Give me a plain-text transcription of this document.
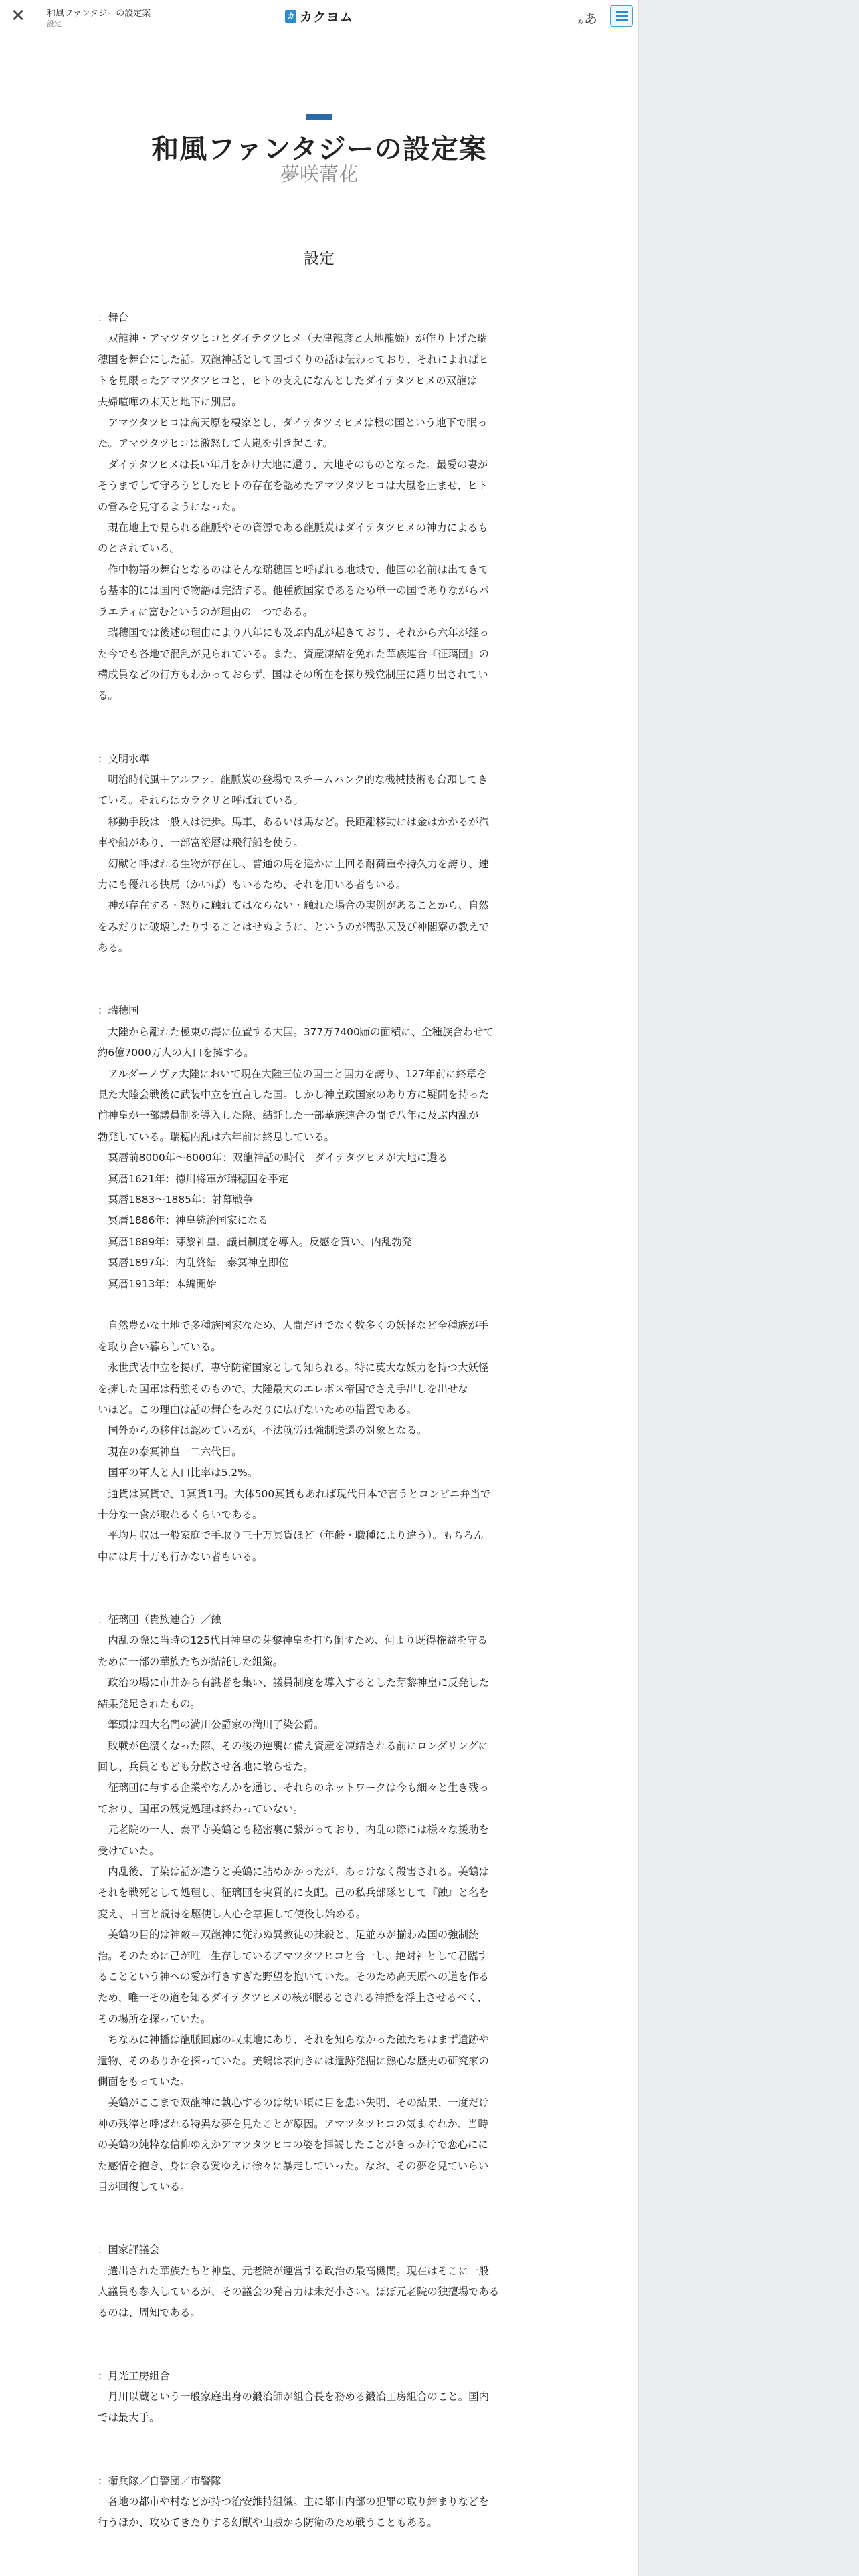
✕ 和風ファンタジーの設定案
設定
カ カクヨム	ぁあ
和風ファンタジーの設定案
夢咲蕾花
設定

：舞台

　双龍神・アマツタツヒコとダイテタツヒメ（天津龍彦と大地龍姫）が作り上げた瑞

穂国を舞台にした話。双龍神話として国づくりの話は伝わっており、それによればヒ

トを見限ったアマツタツヒコと、ヒトの支えになんとしたダイテタツヒメの双龍は

夫婦喧嘩の末天と地下に別居。

　アマツタツヒコは高天原を棲家とし、ダイテタツミヒメは根の国という地下で眠っ

た。アマツタツヒコは激怒して大嵐を引き起こす。

　ダイテタツヒメは長い年月をかけ大地に還り、大地そのものとなった。最愛の妻が

そうまでして守ろうとしたヒトの存在を認めたアマツタツヒコは大嵐を止ませ、ヒト

の営みを見守るようになった。

　現在地上で見られる龍脈やその資源である龍脈炭はダイテタツヒメの神力によるも

のとされている。

　作中物語の舞台となるのはそんな瑞穂国と呼ばれる地域で、他国の名前は出てきて

も基本的には国内で物語は完結する。他種族国家であるため単一の国でありながらバ

ラエティに富むというのが理由の一つである。

　瑞穂国では後述の理由により八年にも及ぶ内乱が起きており、それから六年が経っ

た今でも各地で混乱が見られている。また、資産凍結を免れた華族連合『征璃団』の

構成員などの行方もわかっておらず、国はその所在を探り残党制圧に躍り出されてい

る。

：文明水準

　明治時代風＋アルファ。龍脈炭の登場でスチームパンク的な機械技術も台頭してき

ている。それらはカラクリと呼ばれている。

　移動手段は一般人は徒歩。馬車、あるいは馬など。長距離移動には金はかかるが汽

車や船があり、一部富裕層は飛行船を使う。

　幻獣と呼ばれる生物が存在し、普通の馬を遥かに上回る耐荷重や持久力を誇り、速

力にも優れる快馬（かいば）もいるため、それを用いる者もいる。

　神が存在する・怒りに触れてはならない・触れた場合の実例があることから、自然

をみだりに破壊したりすることはせぬように、というのが儒弘天及び神閣寮の教えで

ある。

：瑞穂国

　大陸から離れた極東の海に位置する大国。377万7400㎢の面積に、全種族合わせて

約6億7000万人の人口を擁する。

　アルダーノヴァ大陸において現在大陸三位の国土と国力を誇り、127年前に終章を

見た大陸会戦後に武装中立を宣言した国。しかし神皇政国家のあり方に疑問を持った

前神皇が一部議員制を導入した際、結託した一部華族連合の間で八年に及ぶ内乱が

勃発している。瑞穂内乱は六年前に終息している。

　冥暦前8000年〜6000年：双龍神話の時代　ダイテタツヒメが大地に還る

　冥暦1621年：徳川将軍が瑞穂国を平定

　冥暦1883〜1885年：討幕戦争

　冥暦1886年：神皇統治国家になる

　冥暦1889年：芽黎神皇、議員制度を導入。反感を買い、内乱勃発

　冥暦1897年：内乱終結　泰冥神皇即位

　冥暦1913年：本編開始

　自然豊かな土地で多種族国家なため、人間だけでなく数多くの妖怪など全種族が手

を取り合い暮らしている。

　永世武装中立を掲げ、専守防衛国家として知られる。特に莫大な妖力を持つ大妖怪

を擁した国軍は精強そのもので、大陸最大のエレボス帝国でさえ手出しを出せな

いほど。この理由は話の舞台をみだりに広げないための措置である。

　国外からの移住は認めているが、不法就労は強制送還の対象となる。

　現在の泰冥神皇一二六代目。

　国軍の軍人と人口比率は5.2%。

　通貨は冥貨で、1冥貨1円。大体500冥貨もあれば現代日本で言うとコンビニ弁当で

十分な一食が取れるくらいである。

　平均月収は一般家庭で手取り三十万冥貨ほど（年齢・職種により違う）。もちろん

中には月十万も行かない者もいる。

：征璃団（貴族連合）／蝕

　内乱の際に当時の125代目神皇の芽黎神皇を打ち倒すため、何より既得権益を守る

ために一部の華族たちが結託した組織。

　政治の場に市井から有識者を集い、議員制度を導入するとした芽黎神皇に反発した

結果発足されたもの。

　筆頭は四大名門の満川公爵家の満川了染公爵。

　敗戦が色濃くなった際、その後の逆襲に備え資産を凍結される前にロンダリングに

回し、兵員ともども分散させ各地に散らせた。

　征璃団に与する企業やなんかを通じ、それらのネットワークは今も細々と生き残っ

ており、国軍の残党処理は終わっていない。

　元老院の一人、泰平寺美鶴とも秘密裏に繋がっており、内乱の際には様々な援助を

受けていた。

　内乱後、了染は話が違うと美鶴に詰めかかったが、あっけなく殺害される。美鶴は

それを戦死として処理し、征璃団を実質的に支配。己の私兵部隊として『蝕』と名を

変え、甘言と説得を駆使し人心を掌握して使役し始める。

　美鶴の目的は神敵＝双龍神に従わぬ異教徒の抹殺と、足並みが揃わぬ国の強制統

治。そのために己が唯一生存しているアマツタツヒコと合一し、絶対神として君臨す

ることという神への愛が行きすぎた野望を抱いていた。そのため高天原への道を作る

ため、唯一その道を知るダイテタツヒメの核が眠るとされる神播を浮上させるべく、

その場所を探っていた。

　ちなみに神播は龍脈回廊の収束地にあり、それを知らなかった蝕たちはまず遺跡や

遺物、そのありかを探っていた。美鶴は表向きには遺跡発掘に熱心な歴史の研究家の

側面をもっていた。

　美鶴がここまで双龍神に執心するのは幼い頃に目を患い失明、その結果、一度だけ

神の残滓と呼ばれる特異な夢を見たことが原因。アマツタツヒコの気まぐれか、当時

の美鶴の純粋な信仰ゆえかアマツタツヒコの姿を拝謁したことがきっかけで恋心にに

た感情を抱き、身に余る愛ゆえに徐々に暴走していった。なお、その夢を見ていらい

目が回復している。

：国家評議会

　選出された華族たちと神皇、元老院が運営する政治の最高機関。現在はそこに一般

人議員も参入しているが、その議会の発言力は未だ小さい。ほぼ元老院の独擅場である

るのは、周知である。

：月光工房組合

　月川以蔵という一般家庭出身の鍛冶師が組合長を務める鍛冶工房組合のこと。国内

では最大手。

：衛兵隊／自警団／市警隊

　各地の都市や村などが持つ治安維持組織。主に都市内部の犯罪の取り締まりなどを

行うほか、攻めてきたりする幻獣や山賊から防衛のため戦うこともある。
